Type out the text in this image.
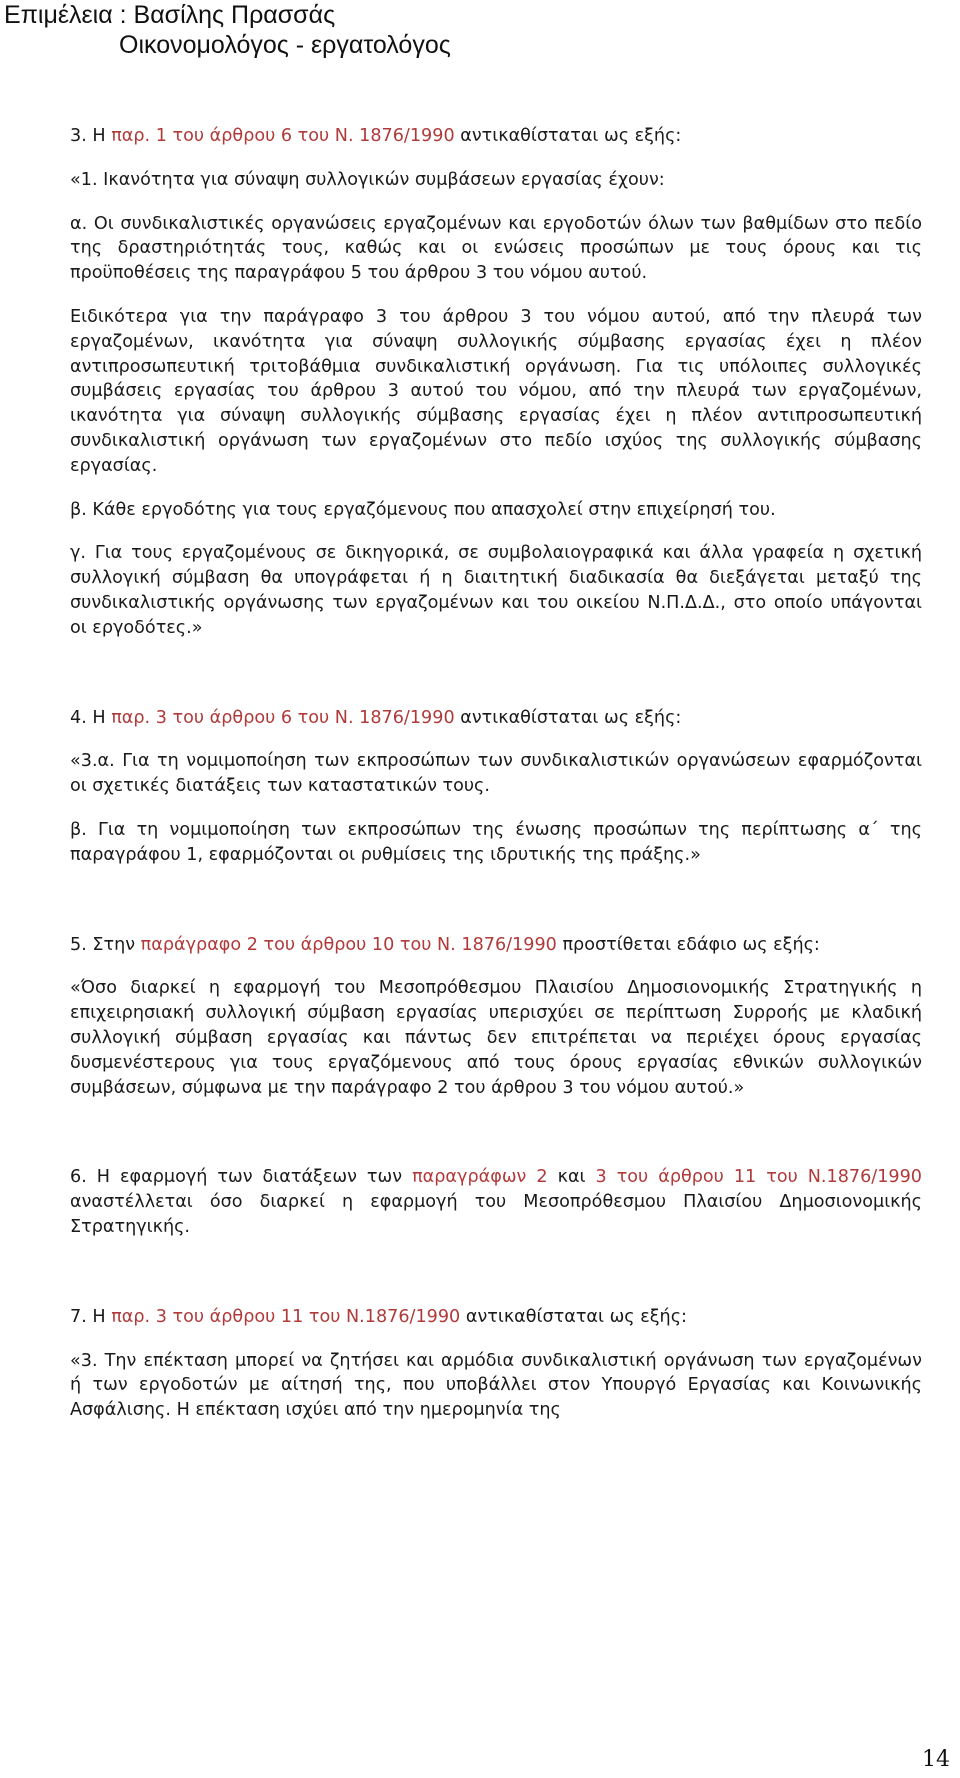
Επιμέλεια : Βασίλης Πρασσάς
Οικονομολόγος - εργατολόγος

3. Η παρ. 1 του άρθρου 6 του Ν. 1876/1990 αντικαθίσταται ως εξής:

«1. Ικανότητα για σύναψη συλλογικών συμβάσεων εργασίας έχουν:

α. Οι συνδικαλιστικές οργανώσεις εργαζομένων και εργοδοτών όλων των βαθμίδων στο πεδίο της δραστηριότητάς τους, καθώς και οι ενώσεις προσώπων με τους όρους και τις προϋποθέσεις της παραγράφου 5 του άρθρου 3 του νόμου αυτού.

Ειδικότερα για την παράγραφο 3 του άρθρου 3 του νόμου αυτού, από την πλευρά των εργαζομένων, ικανότητα για σύναψη συλλογικής σύμβασης εργασίας έχει η πλέον αντιπροσωπευτική τριτοβάθμια συνδικαλιστική οργάνωση. Για τις υπόλοιπες συλλογικές συμβάσεις εργασίας του άρθρου 3 αυτού του νόμου, από την πλευρά των εργαζομένων, ικανότητα για σύναψη συλλογικής σύμβασης εργασίας έχει η πλέον αντιπροσωπευτική συνδικαλιστική οργάνωση των εργαζομένων στο πεδίο ισχύος της συλλογικής σύμβασης εργασίας.

β. Κάθε εργοδότης για τους εργαζόμενους που απασχολεί στην επιχείρησή του.

γ. Για τους εργαζομένους σε δικηγορικά, σε συμβολαιογραφικά και άλλα γραφεία η σχετική συλλογική σύμβαση θα υπογράφεται ή η διαιτητική διαδικασία θα διεξάγεται μεταξύ της συνδικαλιστικής οργάνωσης των εργαζομένων και του οικείου Ν.Π.Δ.Δ., στο οποίο υπάγονται οι εργοδότες.»

4. Η παρ. 3 του άρθρου 6 του Ν. 1876/1990 αντικαθίσταται ως εξής:

«3.α. Για τη νομιμοποίηση των εκπροσώπων των συνδικαλιστικών οργανώσεων εφαρμόζονται οι σχετικές διατάξεις των καταστατικών τους.

β. Για τη νομιμοποίηση των εκπροσώπων της ένωσης προσώπων της περίπτωσης α΄ της παραγράφου 1, εφαρμόζονται οι ρυθμίσεις της ιδρυτικής της πράξης.»

5. Στην παράγραφο 2 του άρθρου 10 του Ν. 1876/1990 προστίθεται εδάφιο ως εξής:

«Όσο διαρκεί η εφαρμογή του Μεσοπρόθεσμου Πλαισίου Δημοσιονομικής Στρατηγικής η επιχειρησιακή συλλογική σύμβαση εργασίας υπερισχύει σε περίπτωση Συρροής με κλαδική συλλογική σύμβαση εργασίας και πάντως δεν επιτρέπεται να περιέχει όρους εργασίας δυσμενέστερους για τους εργαζόμενους από τους όρους εργασίας εθνικών συλλογικών συμβάσεων, σύμφωνα με την παράγραφο 2 του άρθρου 3 του νόμου αυτού.»

6. Η εφαρμογή των διατάξεων των παραγράφων 2 και 3 του άρθρου 11 του Ν.1876/1990 αναστέλλεται όσο διαρκεί η εφαρμογή του Μεσοπρόθεσμου Πλαισίου Δημοσιονομικής Στρατηγικής.

7. Η παρ. 3 του άρθρου 11 του Ν.1876/1990 αντικαθίσταται ως εξής:

«3. Την επέκταση μπορεί να ζητήσει και αρμόδια συνδικαλιστική οργάνωση των εργαζομένων ή των εργοδοτών με αίτησή της, που υποβάλλει στον Υπουργό Εργασίας και Κοινωνικής Ασφάλισης. Η επέκταση ισχύει από την ημερομηνία της

14
